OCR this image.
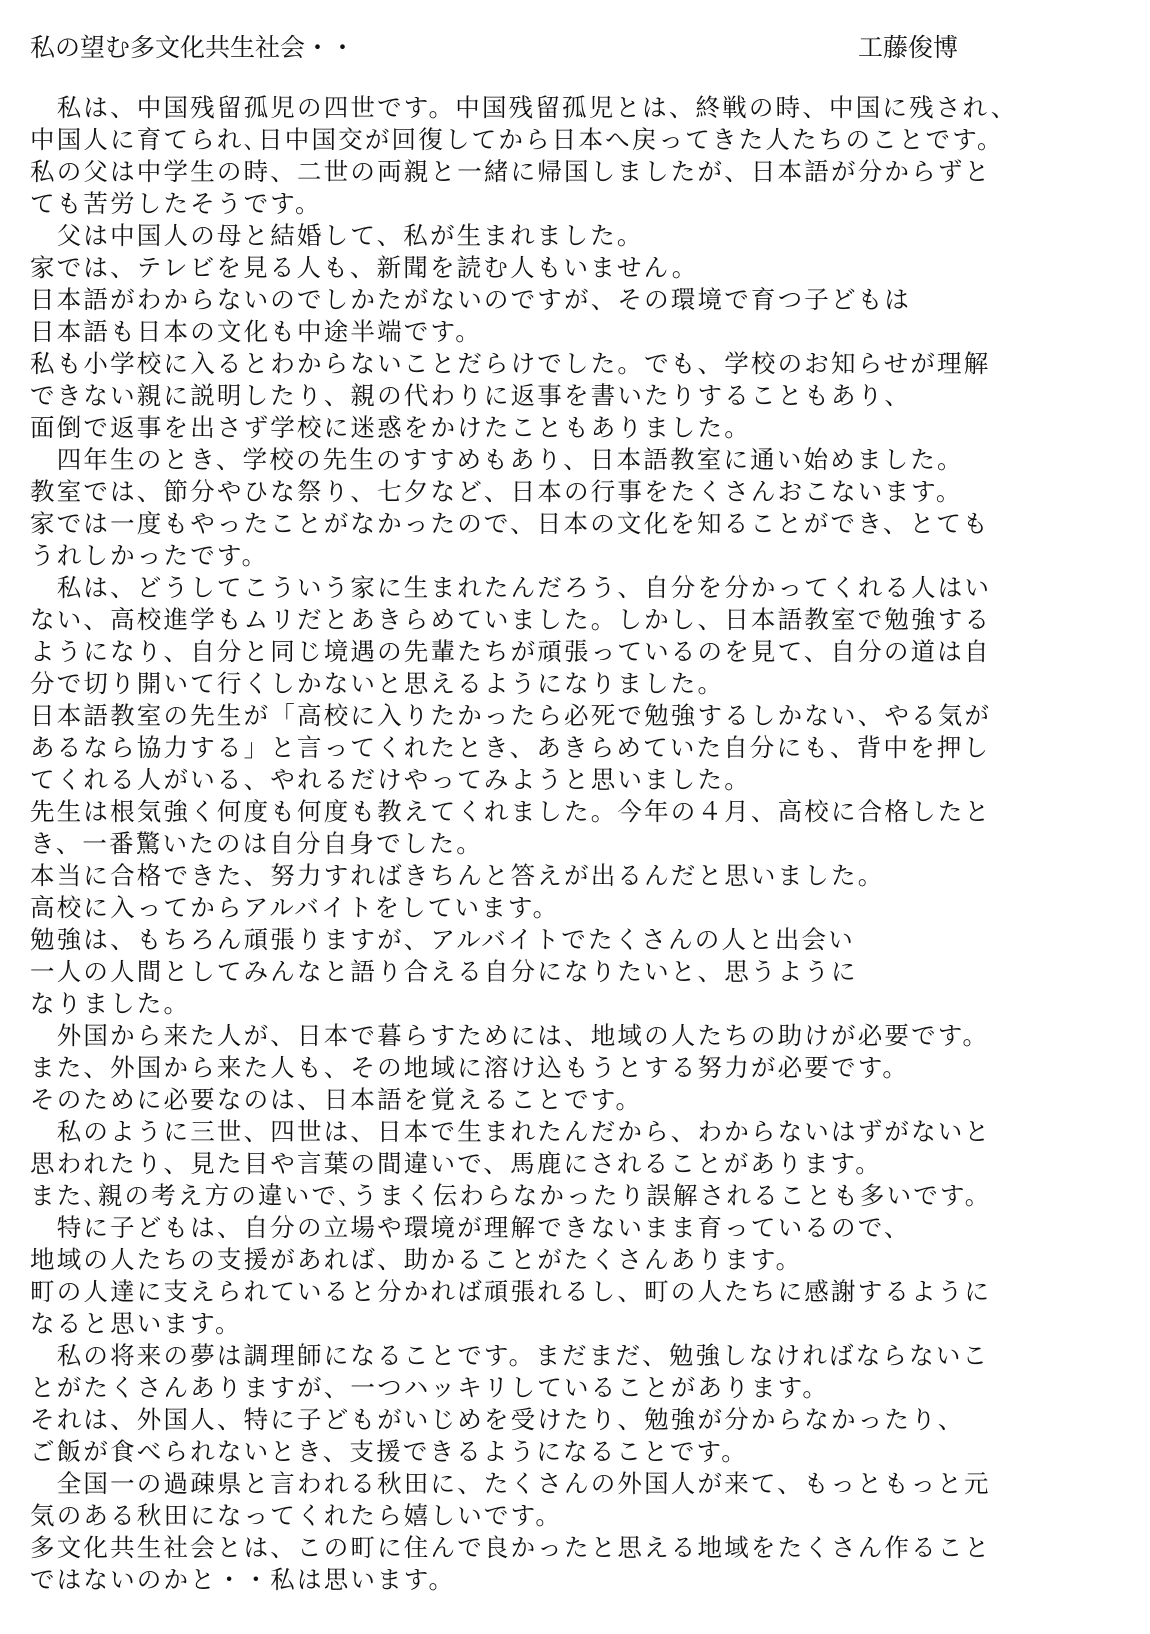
私の望む多文化共生社会・・	工藤俊博
　私は、中国残留孤児の四世です。中国残留孤児とは、終戦の時、中国に残され、
中国人に育てられ､日中国交が回復してから日本へ戻ってきた人たちのことです。
私の父は中学生の時、二世の両親と一緒に帰国しましたが、日本語が分からずと
ても苦労したそうです。
　父は中国人の母と結婚して、私が生まれました。
家では、テレビを見る人も、新聞を読む人もいません。
日本語がわからないのでしかたがないのですが、その環境で育つ子どもは
日本語も日本の文化も中途半端です。
私も小学校に入るとわからないことだらけでした。でも、学校のお知らせが理解
できない親に説明したり、親の代わりに返事を書いたりすることもあり、
面倒で返事を出さず学校に迷惑をかけたこともありました。
　四年生のとき、学校の先生のすすめもあり、日本語教室に通い始めました。
教室では、節分やひな祭り、七夕など、日本の行事をたくさんおこないます。
家では一度もやったことがなかったので、日本の文化を知ることができ、とても
うれしかったです。
　私は、どうしてこういう家に生まれたんだろう、自分を分かってくれる人はい
ない、高校進学もムリだとあきらめていました。しかし、日本語教室で勉強する
ようになり、自分と同じ境遇の先輩たちが頑張っているのを見て、自分の道は自
分で切り開いて行くしかないと思えるようになりました。
日本語教室の先生が「高校に入りたかったら必死で勉強するしかない、やる気が
あるなら協力する」と言ってくれたとき、あきらめていた自分にも、背中を押し
てくれる人がいる、やれるだけやってみようと思いました。
先生は根気強く何度も何度も教えてくれました。今年の４月、高校に合格したと
き、一番驚いたのは自分自身でした。
本当に合格できた、努力すればきちんと答えが出るんだと思いました。
高校に入ってからアルバイトをしています。
勉強は、もちろん頑張りますが、アルバイトでたくさんの人と出会い
一人の人間としてみんなと語り合える自分になりたいと、思うように
なりました。
　外国から来た人が、日本で暮らすためには、地域の人たちの助けが必要です。
また、外国から来た人も、その地域に溶け込もうとする努力が必要です。
そのために必要なのは、日本語を覚えることです。
　私のように三世、四世は、日本で生まれたんだから、わからないはずがないと
思われたり、見た目や言葉の間違いで、馬鹿にされることがあります。
また､親の考え方の違いで､うまく伝わらなかったり誤解されることも多いです。
　特に子どもは、自分の立場や環境が理解できないまま育っているので、
地域の人たちの支援があれば、助かることがたくさんあります。
町の人達に支えられていると分かれば頑張れるし、町の人たちに感謝するように
なると思います。
　私の将来の夢は調理師になることです。まだまだ、勉強しなければならないこ
とがたくさんありますが、一つハッキリしていることがあります。
それは、外国人、特に子どもがいじめを受けたり、勉強が分からなかったり、
ご飯が食べられないとき、支援できるようになることです。
　全国一の過疎県と言われる秋田に、たくさんの外国人が来て、もっともっと元
気のある秋田になってくれたら嬉しいです。
多文化共生社会とは、この町に住んで良かったと思える地域をたくさん作ること
ではないのかと・・私は思います。
